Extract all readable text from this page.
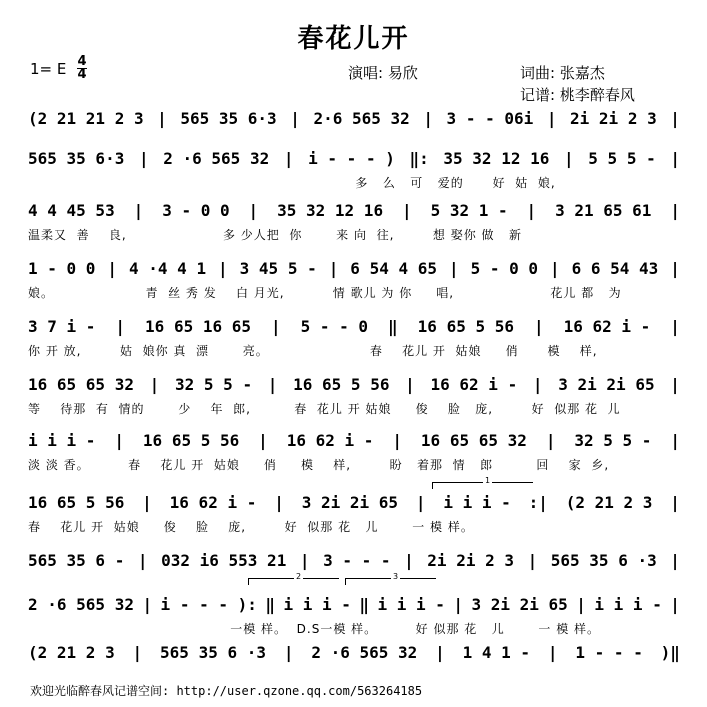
春花儿开
1= E 4
4	演唱: 易欣	词曲: 张嘉杰
记谱: 桃李醉春风
(2 21 21 2 3 | 565 35 6·3 | 2·6 565 32 | 3 - - 06i | 2i 2i 2 3 |
565 35 6·3 | 2 ·6 565 32 | i - - - ) ‖: 35 32 12 16 | 5 5 5 - |
多   么   可   爱的      好  姑  娘,
4 4 45 53 | 3 - 0 0 | 35 32 12 16 | 5 32 1 - | 3 21 65 61 |
温柔又  善    良,                    多 少人把  你       来 向  往,        想 娶你 做   新
1 - 0 0 | 4 ·4 4 1 | 3 45 5 - | 6 54 4 65 | 5 - 0 0 | 6 6 54 43 |
娘。                   青  丝 秀 发    白 月光,          情 歌儿 为 你     唱,                    花儿 都   为
3 7 i - | 16 65 16 65 | 5 - - 0 ‖ 16 65 5 56 | 16 62 i - |
你 开 放,        姑  娘你 真  漂       亮。                     春    花儿 开  姑娘     俏      模    样,
16 65 65 32 | 32 5 5 - | 16 65 5 56 | 16 62 i - | 3 2i 2i 65 |
等    待那  有  情的       少    年  郎,         春  花儿 开 姑娘     俊    脸   庞,        好  似那 花  儿
i i i - | 16 65 5 56 | 16 62 i - | 16 65 65 32 | 32 5 5 - |
淡 淡 香。        春    花儿 开  姑娘     俏     模    样,        盼   着那  情   郎         回    家  乡,
16 65 5 56 | 16 62 i - | 3 2i 2i 65 | i i i - :| (2 21 2 3 |
春    花儿 开  姑娘     俊    脸    庞,        好  似那 花   儿       一 模 样。
565 35 6 - | 032 i6 553 21 | 3 - - - | 2i 2i 2 3 | 565 35 6 ·3 |
2 ·6 565 32 | i - - - ): ‖ i i i - ‖ i i i - | 3 2i 2i 65 | i i i - |
一模 样。  D.S一模 样。        好 似那 花   儿       一 模 样。
(2 21 2 3 | 565 35 6 ·3 | 2 ·6 565 32 | 1 4 1 - | 1 - - - )‖
欢迎光临醉春风记谱空间: http://user.qzone.qq.com/563264185
1
2	3
